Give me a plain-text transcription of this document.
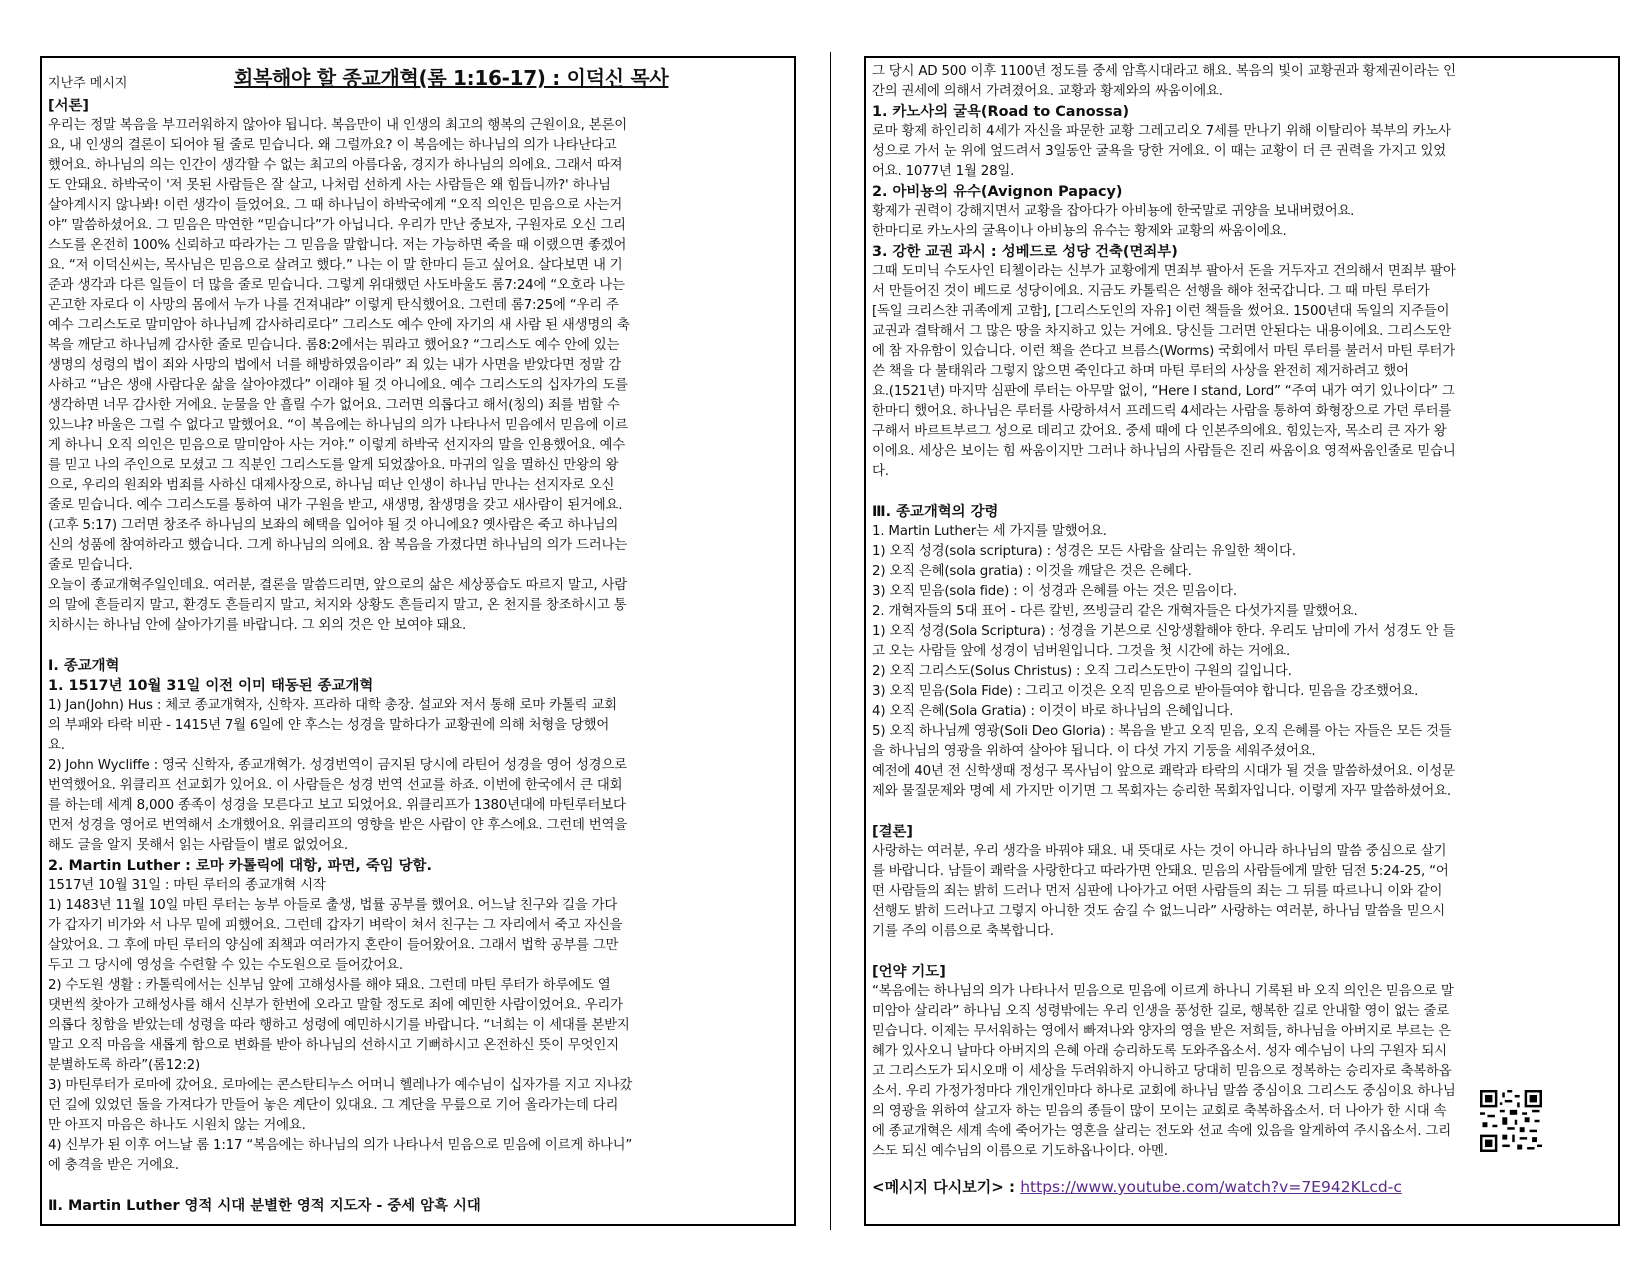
지난주 메시지	회복해야 할 종교개혁(롬 1:16-17) : 이덕신 목사
[서론]
우리는 정말 복음을 부끄러워하지 않아야 됩니다. 복음만이 내 인생의 최고의 행복의 근원이요, 본론이
요, 내 인생의 결론이 되어야 될 줄로 믿습니다. 왜 그럴까요? 이 복음에는 하나님의 의가 나타난다고
했어요. 하나님의 의는 인간이 생각할 수 없는 최고의 아름다움, 경지가 하나님의 의에요. 그래서 따져
도 안돼요. 하박국이 '저 못된 사람들은 잘 살고, 나처럼 선하게 사는 사람들은 왜 힘듭니까?' 하나님
살아계시지 않나봐! 이런 생각이 들었어요. 그 때 하나님이 하박국에게 “오직 의인은 믿음으로 사는거
야” 말씀하셨어요. 그 믿음은 막연한 “믿습니다”가 아닙니다. 우리가 만난 중보자, 구원자로 오신 그리
스도를 온전히 100% 신뢰하고 따라가는 그 믿음을 말합니다. 저는 가능하면 죽을 때 이랬으면 좋겠어
요. “저 이덕신씨는, 목사님은 믿음으로 살려고 했다.” 나는 이 말 한마디 듣고 싶어요. 살다보면 내 기
준과 생각과 다른 일들이 더 많을 줄로 믿습니다. 그렇게 위대했던 사도바울도 롬7:24에 “오호라 나는
곤고한 자로다 이 사망의 몸에서 누가 나를 건져내랴” 이렇게 탄식했어요. 그런데 롬7:25에 “우리 주
예수 그리스도로 말미암아 하나님께 감사하리로다” 그리스도 예수 안에 자기의 새 사람 된 새생명의 축
복을 깨닫고 하나님께 감사한 줄로 믿습니다. 롬8:2에서는 뭐라고 했어요? “그리스도 예수 안에 있는
생명의 성령의 법이 죄와 사망의 법에서 너를 해방하였음이라” 죄 있는 내가 사면을 받았다면 정말 감
사하고 “남은 생애 사람다운 삶을 살아야겠다” 이래야 될 것 아니에요. 예수 그리스도의 십자가의 도를
생각하면 너무 감사한 거에요. 눈물을 안 흘릴 수가 없어요. 그러면 의롭다고 해서(칭의) 죄를 범할 수
있느냐? 바울은 그럴 수 없다고 말했어요. “이 복음에는 하나님의 의가 나타나서 믿음에서 믿음에 이르
게 하나니 오직 의인은 믿음으로 말미암아 사는 거야.” 이렇게 하박국 선지자의 말을 인용했어요. 예수
를 믿고 나의 주인으로 모셨고 그 직분인 그리스도를 알게 되었잖아요. 마귀의 일을 멸하신 만왕의 왕
으로, 우리의 원죄와 범죄를 사하신 대제사장으로, 하나님 떠난 인생이 하나님 만나는 선지자로 오신
줄로 믿습니다. 예수 그리스도를 통하여 내가 구원을 받고, 새생명, 참생명을 갖고 새사람이 된거에요.
(고후 5:17) 그러면 창조주 하나님의 보좌의 혜택을 입어야 될 것 아니에요? 옛사람은 죽고 하나님의
신의 성품에 참여하라고 했습니다. 그게 하나님의 의에요. 참 복음을 가졌다면 하나님의 의가 드러나는
줄로 믿습니다.
오늘이 종교개혁주일인데요. 여러분, 결론을 말씀드리면, 앞으로의 삶은 세상풍습도 따르지 말고, 사람
의 말에 흔들리지 말고, 환경도 흔들리지 말고, 처지와 상황도 흔들리지 말고, 온 천지를 창조하시고 통
치하시는 하나님 안에 살아가기를 바랍니다. 그 외의 것은 안 보여야 돼요.
Ⅰ. 종교개혁
1. 1517년 10월 31일 이전 이미 태동된 종교개혁
1) Jan(John) Hus : 체코 종교개혁자, 신학자. 프라하 대학 총장. 설교와 저서 통해 로마 카톨릭 교회
의 부패와 타락 비판 - 1415년 7월 6일에 얀 후스는 성경을 말하다가 교황권에 의해 처형을 당했어
요.
2) John Wycliffe : 영국 신학자, 종교개혁가. 성경번역이 금지된 당시에 라틴어 성경을 영어 성경으로
번역했어요. 위클리프 선교회가 있어요. 이 사람들은 성경 번역 선교를 하죠. 이번에 한국에서 큰 대회
를 하는데 세계 8,000 종족이 성경을 모른다고 보고 되었어요. 위클리프가 1380년대에 마틴루터보다
먼저 성경을 영어로 번역해서 소개했어요. 위클리프의 영향을 받은 사람이 얀 후스에요. 그런데 번역을
해도 글을 알지 못해서 읽는 사람들이 별로 없었어요.
2. Martin Luther : 로마 카톨릭에 대항, 파면, 죽임 당함.
1517년 10월 31일 : 마틴 루터의 종교개혁 시작
1) 1483년 11월 10일 마틴 루터는 농부 아들로 출생, 법률 공부를 했어요. 어느날 친구와 길을 가다
가 갑자기 비가와 서 나무 밑에 피했어요. 그런데 갑자기 벼락이 쳐서 친구는 그 자리에서 죽고 자신을
살았어요. 그 후에 마틴 루터의 양심에 죄책과 여러가지 혼란이 들어왔어요. 그래서 법학 공부를 그만
두고 그 당시에 영성을 수련할 수 있는 수도원으로 들어갔어요.
2) 수도원 생활 : 카톨릭에서는 신부님 앞에 고해성사를 해야 돼요. 그런데 마틴 루터가 하루에도 열
댓번씩 찾아가 고해성사를 해서 신부가 한번에 오라고 말할 정도로 죄에 예민한 사람이었어요. 우리가
의롭다 칭함을 받았는데 성령을 따라 행하고 성령에 예민하시기를 바랍니다. “너희는 이 세대를 본받지
말고 오직 마음을 새롭게 함으로 변화를 받아 하나님의 선하시고 기뻐하시고 온전하신 뜻이 무엇인지
분별하도록 하라”(롬12:2)
3) 마틴루터가 로마에 갔어요. 로마에는 콘스탄티누스 어머니 헬레나가 예수님이 십자가를 지고 지나갔
던 길에 있었던 돌을 가져다가 만들어 놓은 계단이 있대요. 그 계단을 무릎으로 기어 올라가는데 다리
만 아프지 마음은 하나도 시원치 않는 거에요.
4) 신부가 된 이후 어느날 롬 1:17 “복음에는 하나님의 의가 나타나서 믿음으로 믿음에 이르게 하나니”
에 충격을 받은 거에요.
Ⅱ. Martin Luther 영적 시대 분별한 영적 지도자 - 중세 암흑 시대
그 당시 AD 500 이후 1100년 정도를 중세 암흑시대라고 해요. 복음의 빛이 교황권과 황제권이라는 인
간의 권세에 의해서 가려졌어요. 교황과 황제와의 싸움이에요.
1. 카노사의 굴욕(Road to Canossa)
로마 황제 하인리히 4세가 자신을 파문한 교황 그레고리오 7세를 만나기 위해 이탈리아 북부의 카노사
성으로 가서 눈 위에 엎드려서 3일동안 굴욕을 당한 거에요. 이 때는 교황이 더 큰 권력을 가지고 있었
어요. 1077년 1월 28일.
2. 아비뇽의 유수(Avignon Papacy)
황제가 권력이 강해지면서 교황을 잡아다가 아비뇽에 한국말로 귀양을 보내버렸어요.
한마디로 카노사의 굴욕이나 아비뇽의 유수는 황제와 교황의 싸움이에요.
3. 강한 교권 과시 : 성베드로 성당 건축(면죄부)
그때 도미닉 수도사인 티첼이라는 신부가 교황에게 면죄부 팔아서 돈을 거두자고 건의해서 면죄부 팔아
서 만들어진 것이 베드로 성당이에요. 지금도 카톨릭은 선행을 해야 천국갑니다. 그 때 마틴 루터가
[독일 크리스챤 귀족에게 고함], [그리스도인의 자유] 이런 책들을 썼어요. 1500년대 독일의 지주들이
교권과 결탁해서 그 많은 땅을 차지하고 있는 거에요. 당신들 그러면 안된다는 내용이에요. 그리스도안
에 참 자유함이 있습니다. 이런 책을 쓴다고 브름스(Worms) 국회에서 마틴 루터를 불러서 마틴 루터가
쓴 책을 다 불태워라 그렇지 않으면 죽인다고 하며 마틴 루터의 사상을 완전히 제거하려고 했어
요.(1521년) 마지막 심판에 루터는 아무말 없이, “Here I stand, Lord” “주여 내가 여기 있나이다” 그
한마디 했어요. 하나님은 루터를 사랑하셔서 프레드릭 4세라는 사람을 통하여 화형장으로 가던 루터를
구해서 바르트부르그 성으로 데리고 갔어요. 중세 때에 다 인본주의에요. 힘있는자, 목소리 큰 자가 왕
이에요. 세상은 보이는 힘 싸움이지만 그러나 하나님의 사람들은 진리 싸움이요 영적싸움인줄로 믿습니
다.
Ⅲ. 종교개혁의 강령
1. Martin Luther는 세 가지를 말했어요.
1) 오직 성경(sola scriptura) : 성경은 모든 사람을 살리는 유일한 책이다.
2) 오직 은혜(sola gratia) : 이것을 깨달은 것은 은혜다.
3) 오직 믿음(sola fide) : 이 성경과 은혜를 아는 것은 믿음이다.
2. 개혁자들의 5대 표어 - 다른 칼빈, 쯔빙글리 같은 개혁자들은 다섯가지를 말했어요.
1) 오직 성경(Sola Scriptura) : 성경을 기본으로 신앙생활해야 한다. 우리도 남미에 가서 성경도 안 들
고 오는 사람들 앞에 성경이 넘버원입니다. 그것을 첫 시간에 하는 거에요.
2) 오직 그리스도(Solus Christus) : 오직 그리스도만이 구원의 길입니다.
3) 오직 믿음(Sola Fide) : 그리고 이것은 오직 믿음으로 받아들여야 합니다. 믿음을 강조했어요.
4) 오직 은혜(Sola Gratia) : 이것이 바로 하나님의 은혜입니다.
5) 오직 하나님께 영광(Soli Deo Gloria) : 복음을 받고 오직 믿음, 오직 은혜를 아는 자들은 모든 것들
을 하나님의 영광을 위하여 살아야 됩니다. 이 다섯 가지 기둥을 세워주셨어요.
예전에 40년 전 신학생때 정성구 목사님이 앞으로 쾌락과 타락의 시대가 될 것을 말씀하셨어요. 이성문
제와 물질문제와 명예 세 가지만 이기면 그 목회자는 승리한 목회자입니다. 이렇게 자꾸 말씀하셨어요.
[결론]
사랑하는 여러분, 우리 생각을 바꿔야 돼요. 내 뜻대로 사는 것이 아니라 하나님의 말씀 중심으로 살기
를 바랍니다. 남들이 쾌락을 사랑한다고 따라가면 안돼요. 믿음의 사람들에게 말한 딤전 5:24-25, “어
떤 사람들의 죄는 밝히 드러나 먼저 심판에 나아가고 어떤 사람들의 죄는 그 뒤를 따르나니 이와 같이
선행도 밝히 드러나고 그렇지 아니한 것도 숨길 수 없느니라” 사랑하는 여러분, 하나님 말씀을 믿으시
기를 주의 이름으로 축복합니다.
[언약 기도]
“복음에는 하나님의 의가 나타나서 믿음으로 믿음에 이르게 하나니 기록된 바 오직 의인은 믿음으로 말
미암아 살리라” 하나님 오직 성령밖에는 우리 인생을 풍성한 길로, 행복한 길로 안내할 영이 없는 줄로
믿습니다. 이제는 무서워하는 영에서 빠져나와 양자의 영을 받은 저희들, 하나님을 아버지로 부르는 은
혜가 있사오니 날마다 아버지의 은혜 아래 승리하도록 도와주옵소서. 성자 예수님이 나의 구원자 되시
고 그리스도가 되시오매 이 세상을 두려워하지 아니하고 당대히 믿음으로 정복하는 승리자로 축복하옵
소서. 우리 가정가정마다 개인개인마다 하나로 교회에 하나님 말씀 중심이요 그리스도 중심이요 하나님
의 영광을 위하여 살고자 하는 믿음의 종들이 많이 모이는 교회로 축복하옵소서. 더 나아가 한 시대 속
에 종교개혁은 세계 속에 죽어가는 영혼을 살리는 전도와 선교 속에 있음을 알게하여 주시옵소서. 그리
스도 되신 예수님의 이름으로 기도하옵나이다. 아멘.
<메시지 다시보기> : https://www.youtube.com/watch?v=7E942KLcd-c
